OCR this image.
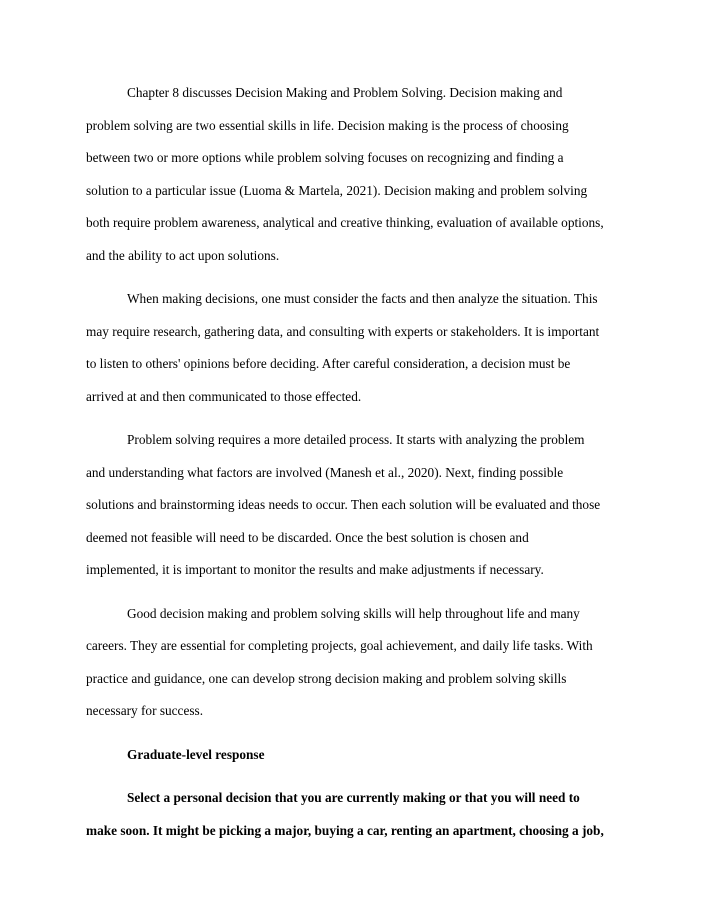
Chapter 8 discusses Decision Making and Problem Solving. Decision making and
problem solving are two essential skills in life. Decision making is the process of choosing
between two or more options while problem solving focuses on recognizing and finding a
solution to a particular issue (Luoma & Martela, 2021). Decision making and problem solving
both require problem awareness, analytical and creative thinking, evaluation of available options,
and the ability to act upon solutions.
When making decisions, one must consider the facts and then analyze the situation. This
may require research, gathering data, and consulting with experts or stakeholders. It is important
to listen to others' opinions before deciding. After careful consideration, a decision must be
arrived at and then communicated to those effected.
Problem solving requires a more detailed process. It starts with analyzing the problem
and understanding what factors are involved (Manesh et al., 2020). Next, finding possible
solutions and brainstorming ideas needs to occur. Then each solution will be evaluated and those
deemed not feasible will need to be discarded. Once the best solution is chosen and
implemented, it is important to monitor the results and make adjustments if necessary.
Good decision making and problem solving skills will help throughout life and many
careers. They are essential for completing projects, goal achievement, and daily life tasks. With
practice and guidance, one can develop strong decision making and problem solving skills
necessary for success.
Graduate-level response
Select a personal decision that you are currently making or that you will need to
make soon. It might be picking a major, buying a car, renting an apartment, choosing a job,
